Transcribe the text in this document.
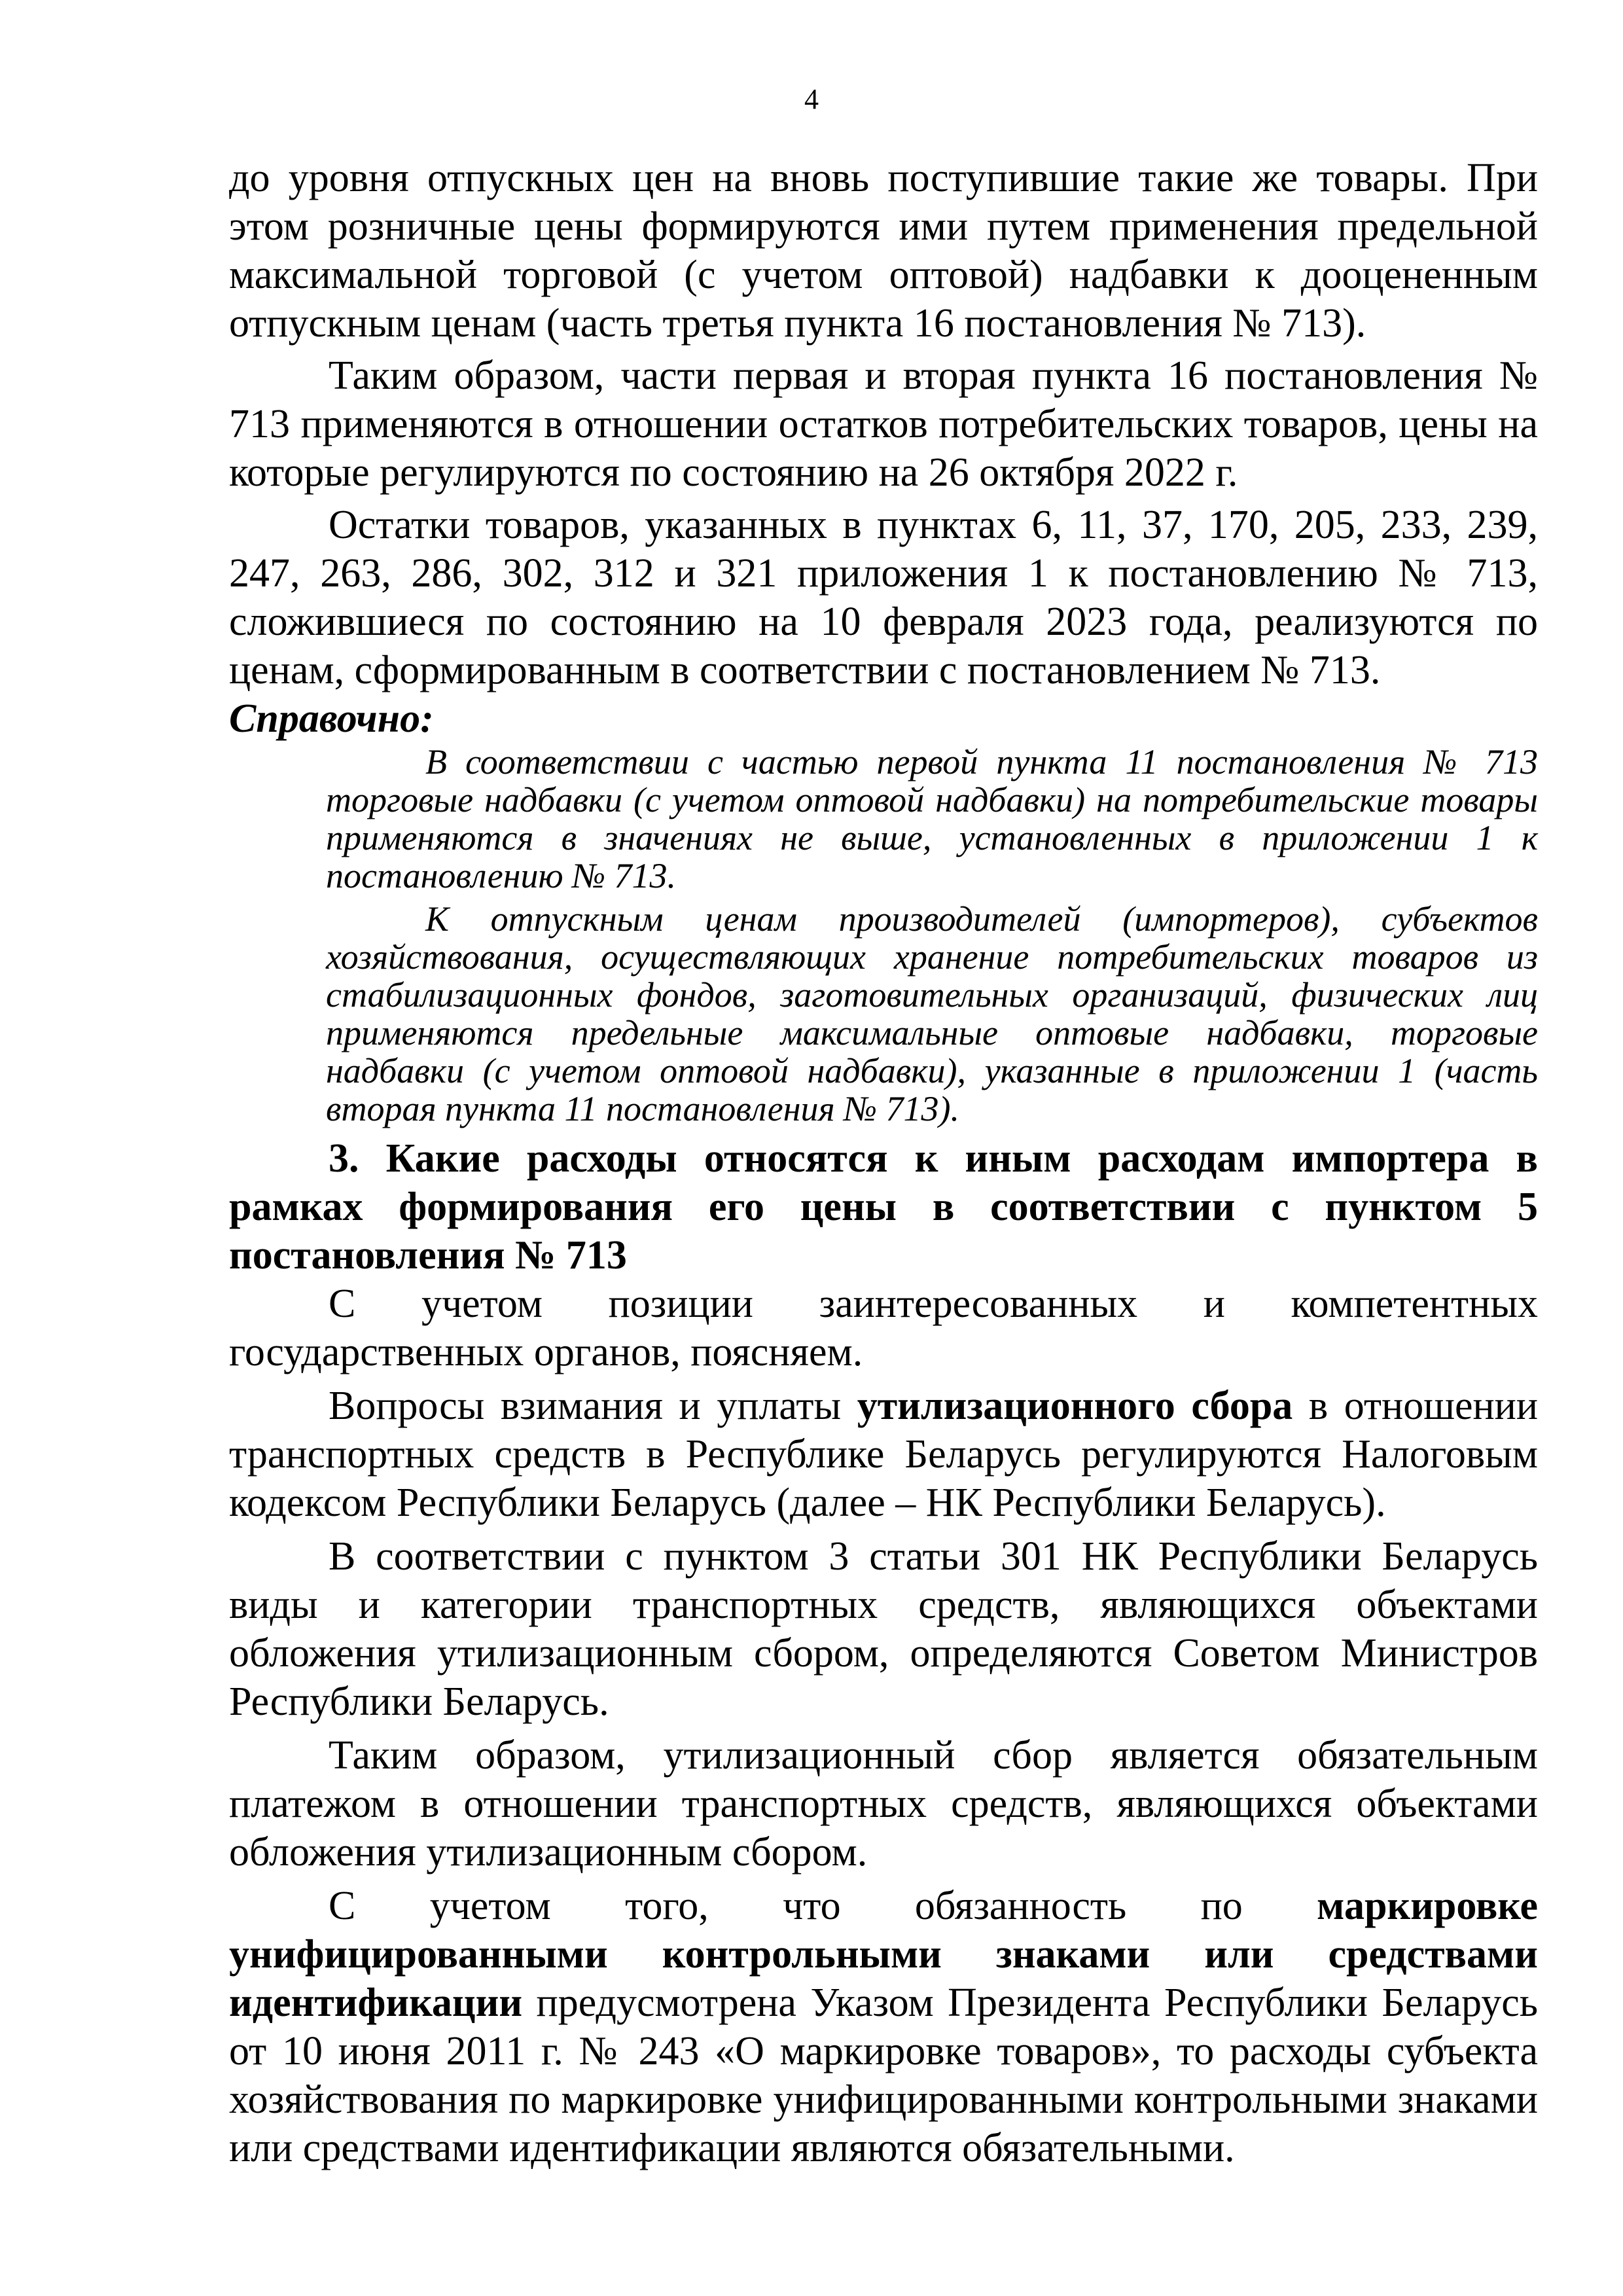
4

до уровня отпускных цен на вновь поступившие такие же товары. При этом розничные цены формируются ими путем применения предельной максимальной торговой (с учетом оптовой) надбавки к дооцененным отпускным ценам (часть третья пункта 16 постановления № 713).

Таким образом, части первая и вторая пункта 16 постановления № 713 применяются в отношении остатков потребительских товаров, цены на которые регулируются по состоянию на 26 октября 2022 г.

Остатки товаров, указанных в пунктах 6, 11, 37, 170, 205, 233, 239, 247, 263, 286, 302, 312 и 321 приложения 1 к постановлению № 713, сложившиеся по состоянию на 10 февраля 2023 года, реализуются по ценам, сформированным в соответствии с постановлением № 713.

Справочно:

В соответствии с частью первой пункта 11 постановления № 713 торговые надбавки (с учетом оптовой надбавки) на потребительские товары применяются в значениях не выше, установленных в приложении 1 к постановлению № 713.

К отпускным ценам производителей (импортеров), субъектов хозяйствования, осуществляющих хранение потребительских товаров из стабилизационных фондов, заготовительных организаций, физических лиц применяются предельные максимальные оптовые надбавки, торговые надбавки (с учетом оптовой надбавки), указанные в приложении 1 (часть вторая пункта 11 постановления № 713).

3. Какие расходы относятся к иным расходам импортера в рамках формирования его цены в соответствии с пунктом 5 постановления № 713

С учетом позиции заинтересованных и компетентных государственных органов, поясняем.

Вопросы взимания и уплаты утилизационного сбора в отношении транспортных средств в Республике Беларусь регулируются Налоговым кодексом Республики Беларусь (далее – НК Республики Беларусь).

В соответствии с пунктом 3 статьи 301 НК Республики Беларусь виды и категории транспортных средств, являющихся объектами обложения утилизационным сбором, определяются Советом Министров Республики Беларусь.

Таким образом, утилизационный сбор является обязательным платежом в отношении транспортных средств, являющихся объектами обложения утилизационным сбором.

С учетом того, что обязанность по маркировке унифицированными контрольными знаками или средствами идентификации предусмотрена Указом Президента Республики Беларусь от 10 июня 2011 г. № 243 «О маркировке товаров», то расходы субъекта хозяйствования по маркировке унифицированными контрольными знаками или средствами идентификации являются обязательными.
